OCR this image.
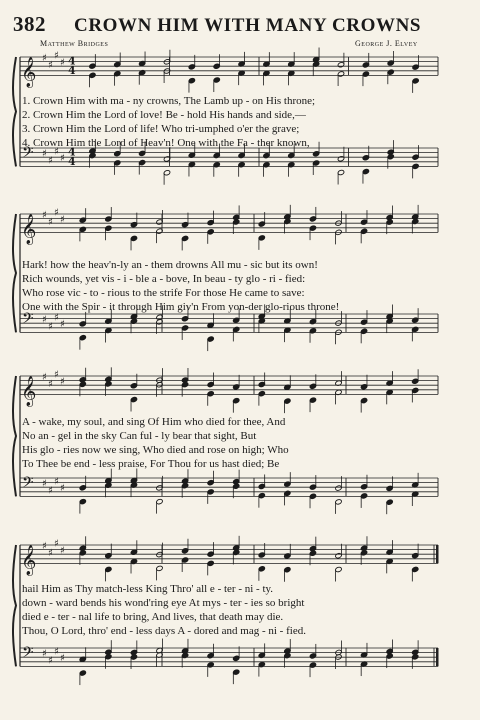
382 CROWN HIM WITH MANY CROWNS
Matthew Bridges	George J. Elvey
𝄞 ♯
♯
♯
♯ 4
4
𝄢 ♯
♯
♯
♯
4
4
𝄞 ♯
♯
♯
♯
𝄢 ♯
♯
♯
♯
𝄞 ♯
♯
♯
♯
𝄢 ♯
♯
♯
♯
𝄞 ♯
♯
♯
♯
𝄢 ♯
♯
♯
♯
1. Crown Him with ma - ny crowns, The Lamb up - on His throne;
2. Crown Him the Lord of love! Be - hold His hands and side,—
3. Crown Him the Lord of life! Who tri-umphed o'er the grave;
4. Crown Him the Lord of Heav'n! One with the Fa - ther known,
Hark! how the heav'n-ly an - them drowns All mu - sic but its own!
Rich wounds, yet vis - i - ble a - bove, In beau - ty glo - ri - fied:
Who rose vic - to - rious to the strife For those He came to save:
One with the Spir - it through Him giv'n From yon-der glo-rious throne!
A - wake, my soul, and sing Of Him who died for thee, And
No an - gel in the sky Can ful - ly bear that sight, But
His glo - ries now we sing, Who died and rose on high; Who
To Thee be end - less praise, For Thou for us hast died; Be
hail Him as Thy match-less King Thro' all e - ter - ni - ty.
down - ward bends his wond'ring eye At mys - ter - ies so bright
died e - ter - nal life to bring, And lives, that death may die.
Thou, O Lord, thro' end - less days A - dored and mag - ni - fied.
